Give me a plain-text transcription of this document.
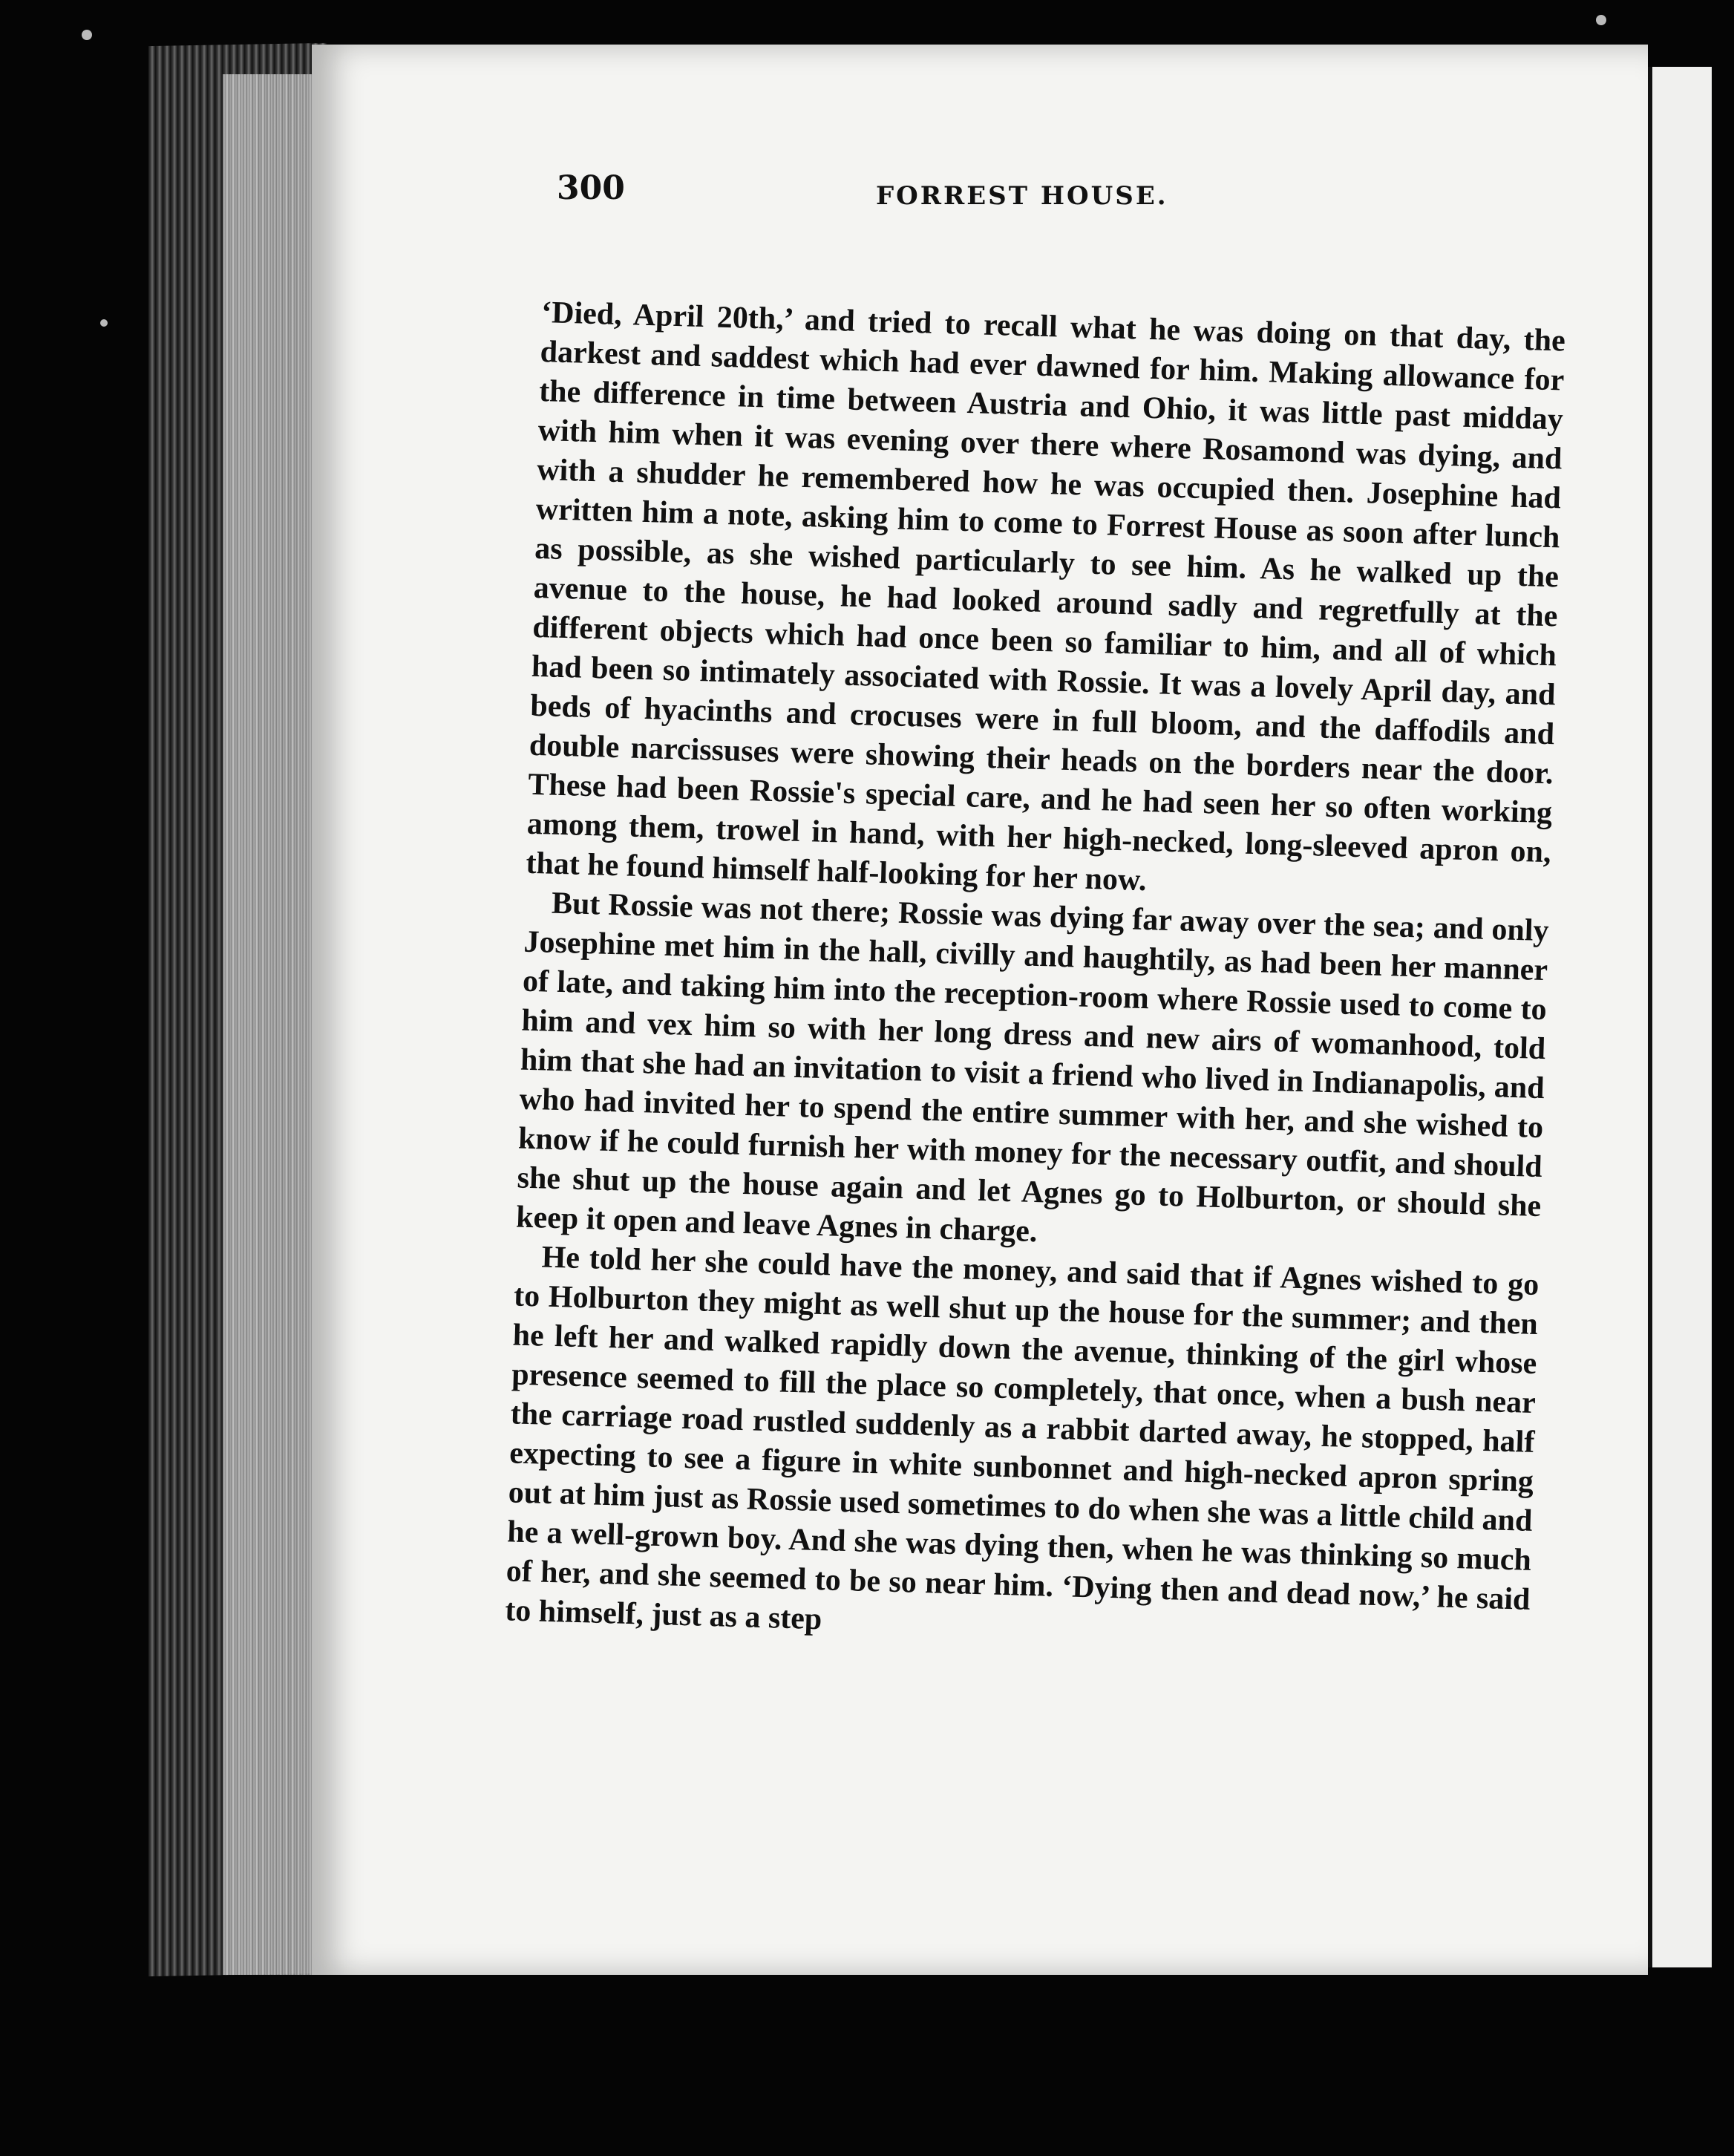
300	FORREST HOUSE.

‘Died, April 20th,’ and tried to recall what he was doing on that day, the darkest and saddest which had ever dawned for him. Making allowance for the difference in time between Austria and Ohio, it was little past midday with him when it was evening over there where Rosamond was dying, and with a shudder he remembered how he was occupied then. Josephine had written him a note, asking him to come to Forrest House as soon after lunch as possible, as she wished particularly to see him. As he walked up the avenue to the house, he had looked around sadly and regretfully at the different objects which had once been so familiar to him, and all of which had been so intimately associated with Rossie. It was a lovely April day, and beds of hyacinths and crocuses were in full bloom, and the daffodils and double narcissuses were showing their heads on the borders near the door. These had been Rossie's special care, and he had seen her so often working among them, trowel in hand, with her high-necked, long-sleeved apron on, that he found himself half-looking for her now.

But Rossie was not there; Rossie was dying far away over the sea; and only Josephine met him in the hall, civilly and haughtily, as had been her manner of late, and taking him into the reception-room where Rossie used to come to him and vex him so with her long dress and new airs of womanhood, told him that she had an invitation to visit a friend who lived in Indianapolis, and who had invited her to spend the entire summer with her, and she wished to know if he could furnish her with money for the necessary outfit, and should she shut up the house again and let Agnes go to Holburton, or should she keep it open and leave Agnes in charge.

He told her she could have the money, and said that if Agnes wished to go to Holburton they might as well shut up the house for the summer; and then he left her and walked rapidly down the avenue, thinking of the girl whose presence seemed to fill the place so completely, that once, when a bush near the carriage road rustled suddenly as a rabbit darted away, he stopped, half expecting to see a figure in white sunbonnet and high-necked apron spring out at him just as Rossie used sometimes to do when she was a little child and he a well-grown boy. And she was dying then, when he was thinking so much of her, and she seemed to be so near him. ‘Dying then and dead now,’ he said to himself, just as a step
